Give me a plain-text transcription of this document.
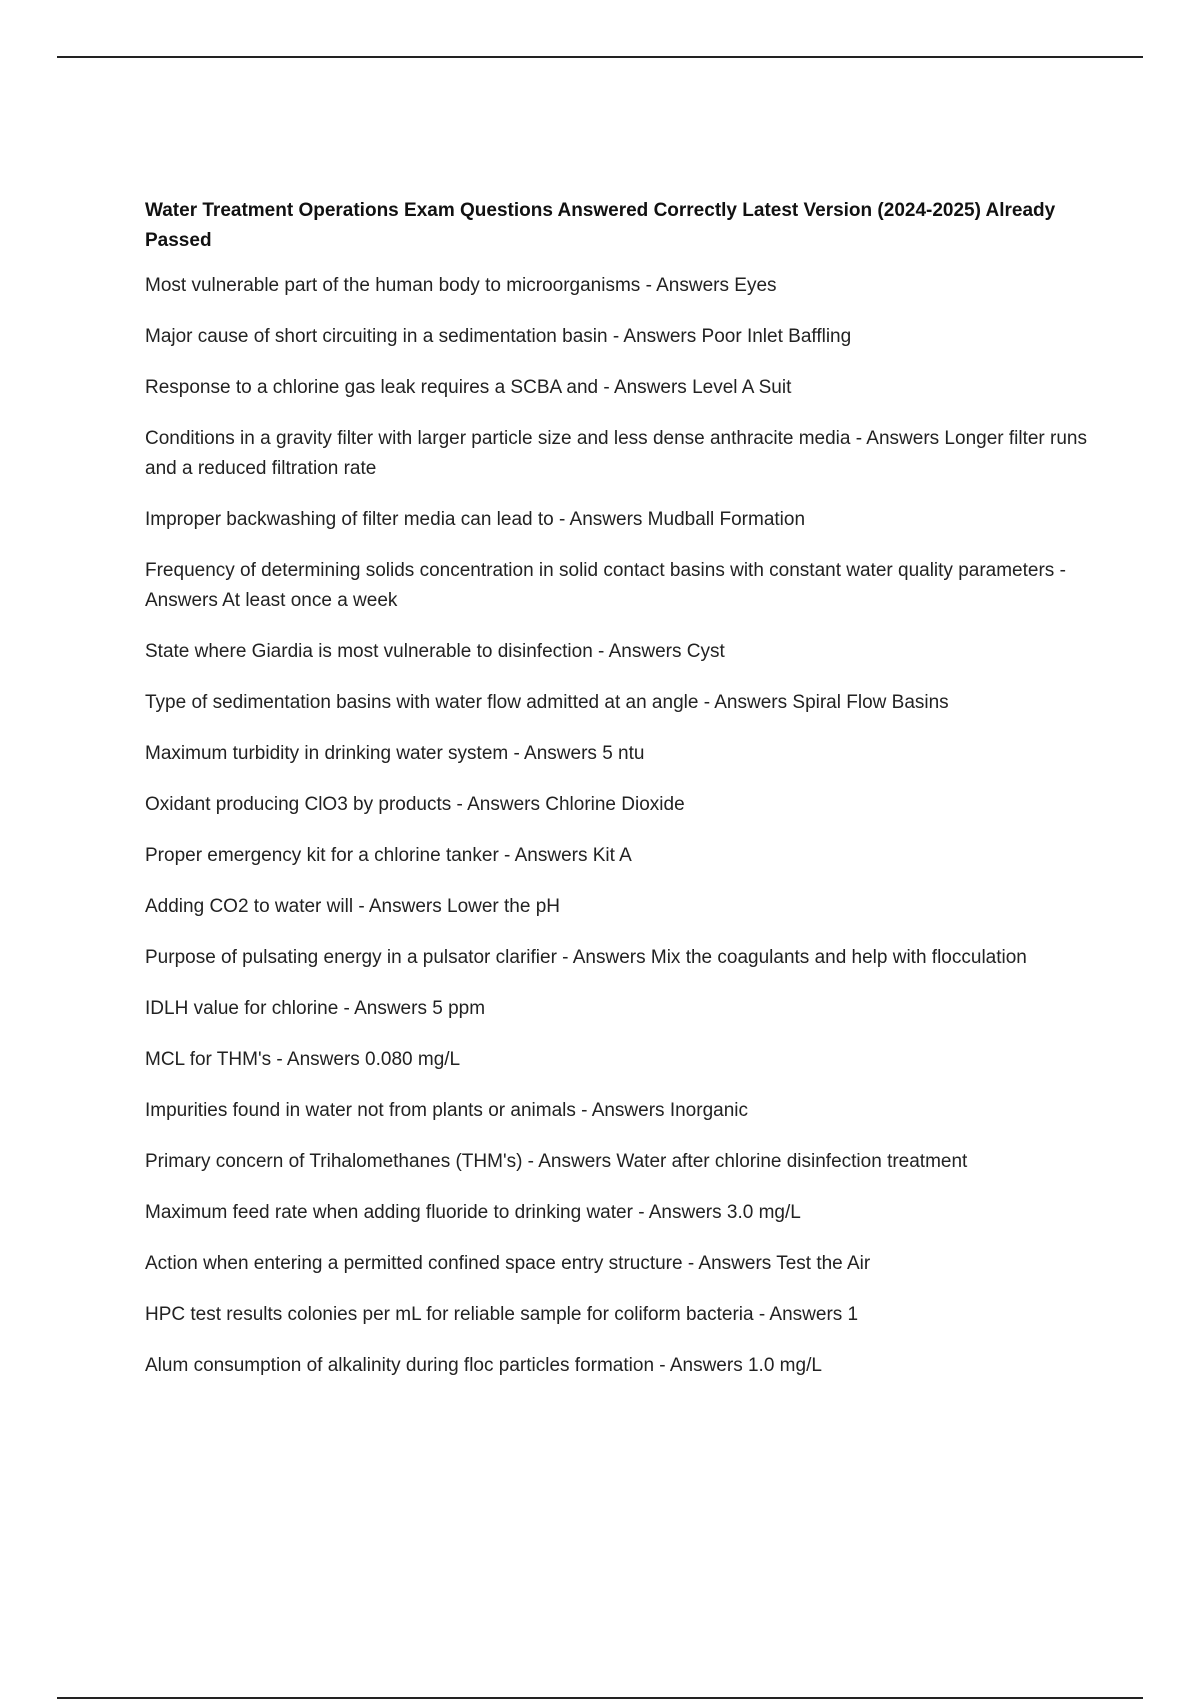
Water Treatment Operations Exam Questions Answered Correctly Latest Version (2024-2025) Already Passed
Most vulnerable part of the human body to microorganisms - Answers Eyes
Major cause of short circuiting in a sedimentation basin - Answers Poor Inlet Baffling
Response to a chlorine gas leak requires a SCBA and - Answers Level A Suit
Conditions in a gravity filter with larger particle size and less dense anthracite media - Answers Longer filter runs and a reduced filtration rate
Improper backwashing of filter media can lead to - Answers Mudball Formation
Frequency of determining solids concentration in solid contact basins with constant water quality parameters - Answers At least once a week
State where Giardia is most vulnerable to disinfection - Answers Cyst
Type of sedimentation basins with water flow admitted at an angle - Answers Spiral Flow Basins
Maximum turbidity in drinking water system - Answers 5 ntu
Oxidant producing ClO3 by products - Answers Chlorine Dioxide
Proper emergency kit for a chlorine tanker - Answers Kit A
Adding CO2 to water will - Answers Lower the pH
Purpose of pulsating energy in a pulsator clarifier - Answers Mix the coagulants and help with flocculation
IDLH value for chlorine - Answers 5 ppm
MCL for THM's - Answers 0.080 mg/L
Impurities found in water not from plants or animals - Answers Inorganic
Primary concern of Trihalomethanes (THM's) - Answers Water after chlorine disinfection treatment
Maximum feed rate when adding fluoride to drinking water - Answers 3.0 mg/L
Action when entering a permitted confined space entry structure - Answers Test the Air
HPC test results colonies per mL for reliable sample for coliform bacteria - Answers 1
Alum consumption of alkalinity during floc particles formation - Answers 1.0 mg/L
